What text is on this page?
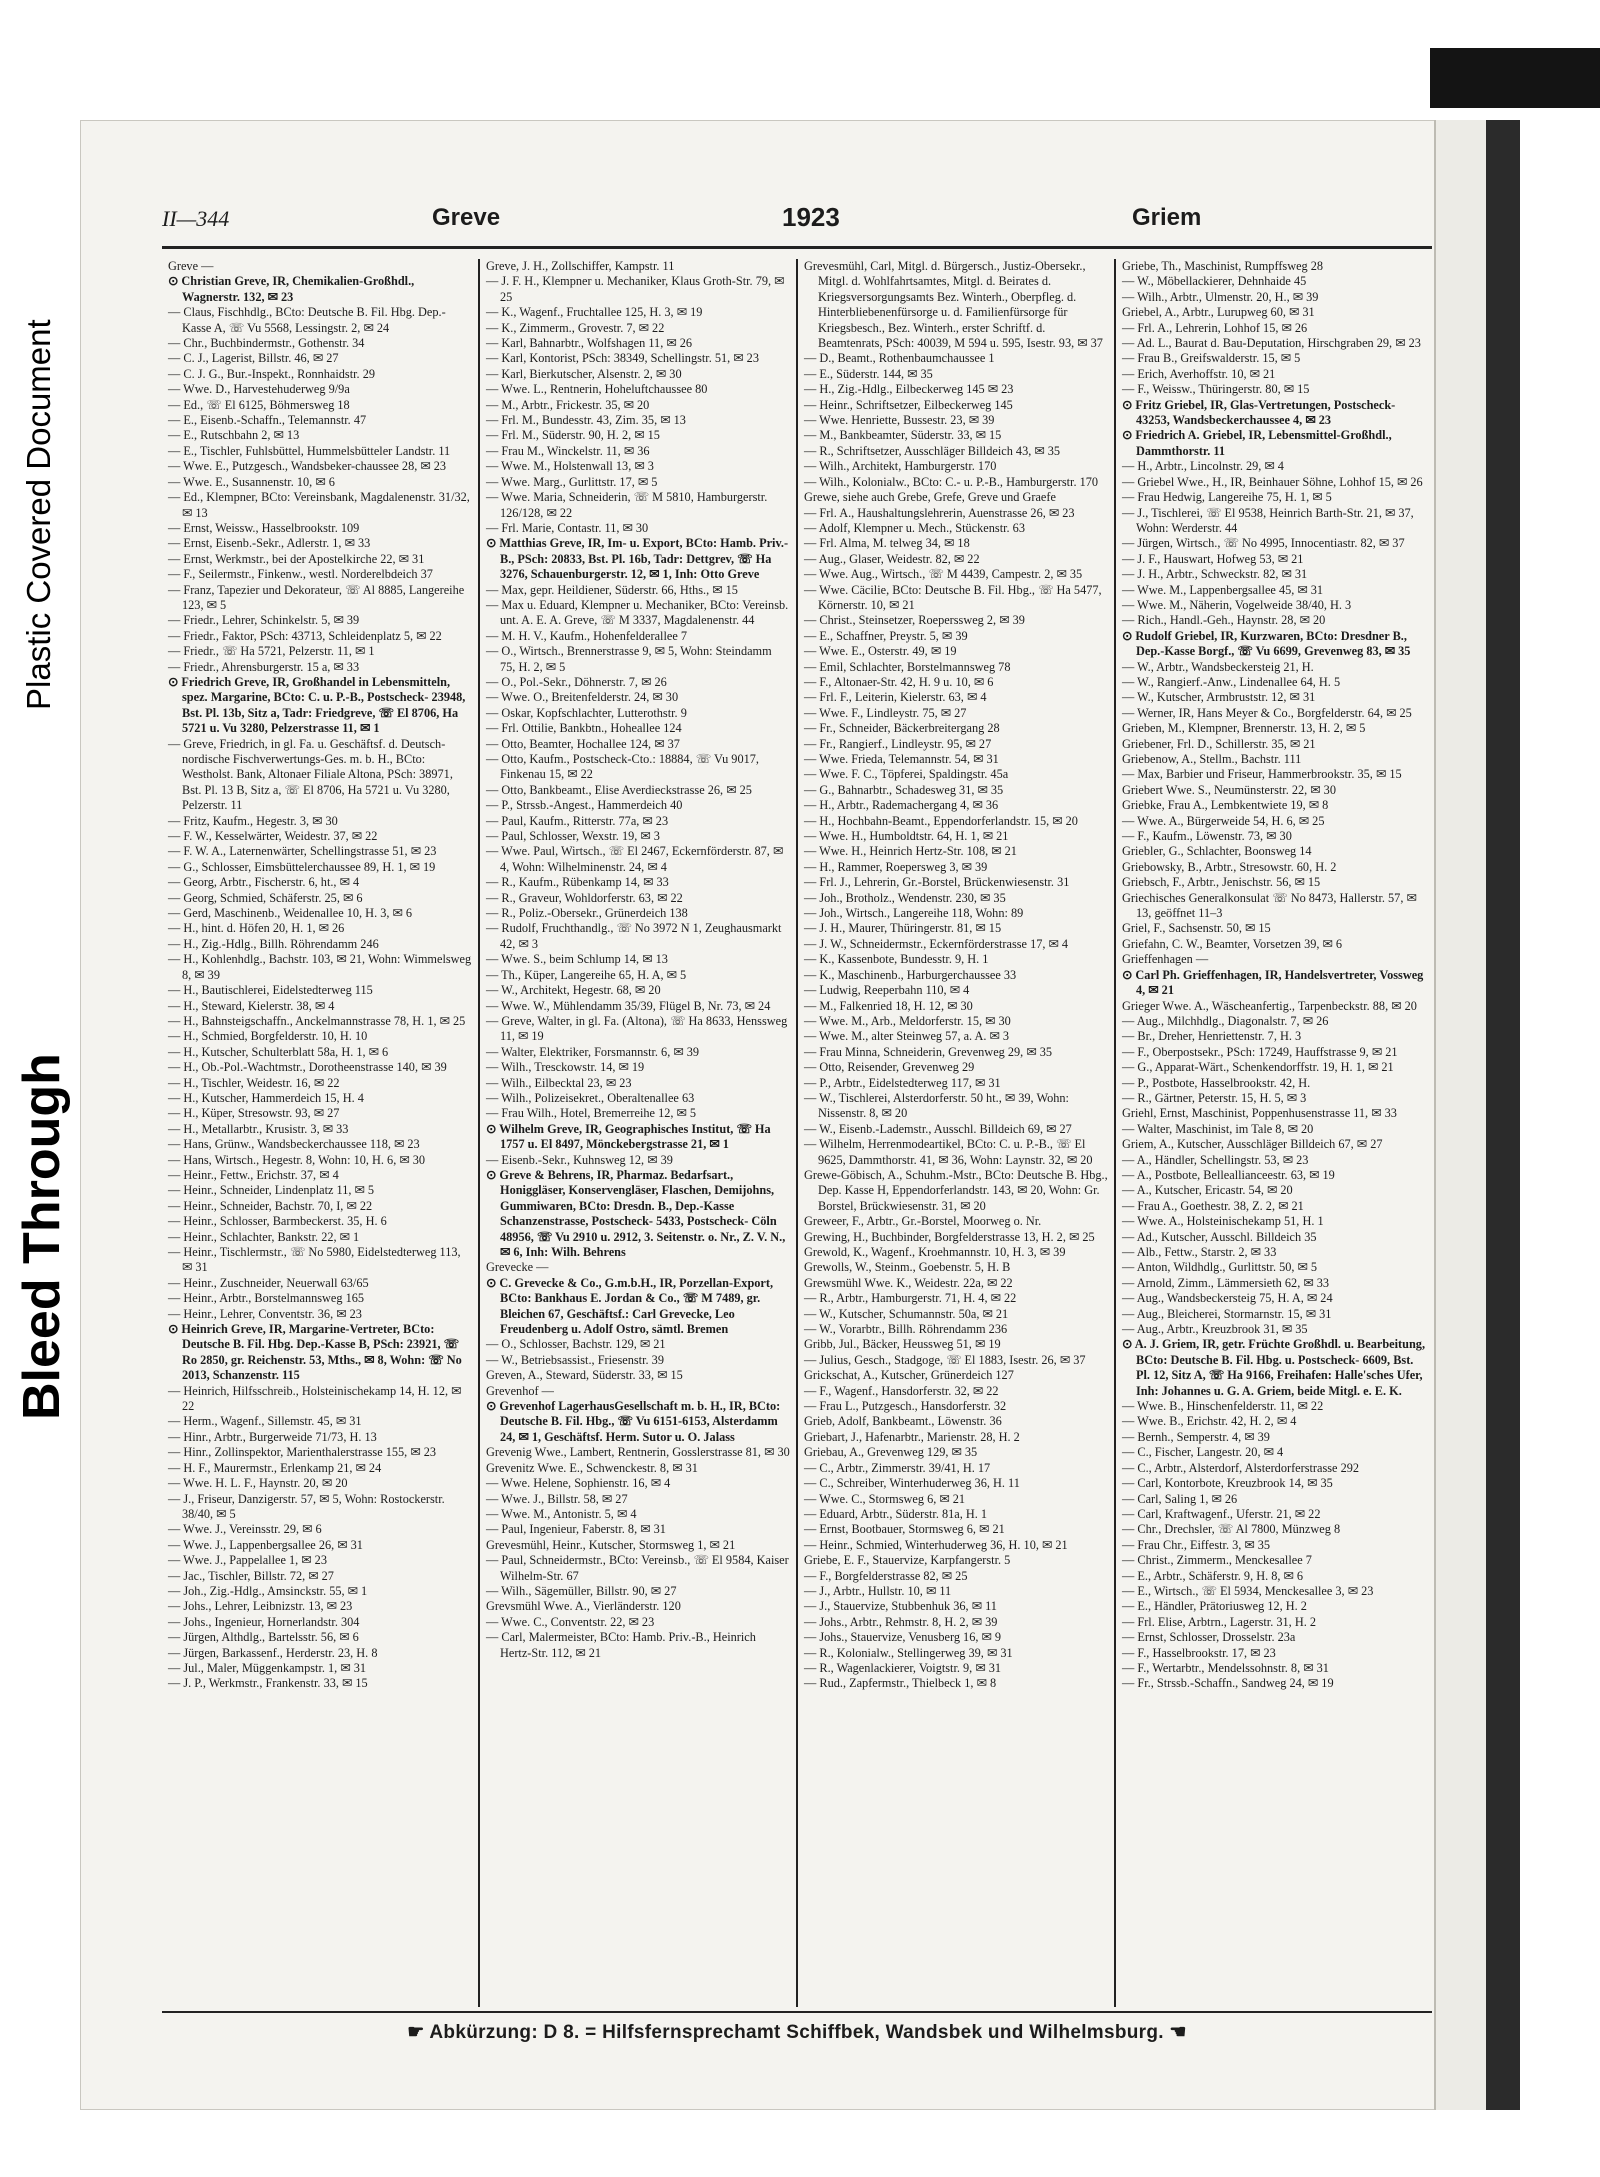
Plastic Covered Document
Bleed Through
II—344	Greve	1923	Griem

Greve —

⊙ Christian Greve, IR, Chemikalien-Großhdl., Wagnerstr. 132, ✉ 23

— Claus, Fischhdlg., BCto: Deutsche B. Fil. Hbg. Dep.-Kasse A, ☏ Vu 5568, Lessingstr. 2, ✉ 24

— Chr., Buchbindermstr., Gothenstr. 34

— C. J., Lagerist, Billstr. 46, ✉ 27

— C. J. G., Bur.-Inspekt., Ronnhaidstr. 29

— Wwe. D., Harvestehuderweg 9/9a

— Ed., ☏ El 6125, Böhmersweg 18

— E., Eisenb.-Schaffn., Telemannstr. 47

— E., Rutschbahn 2, ✉ 13

— E., Tischler, Fuhlsbüttel, Hummelsbütteler Landstr. 11

— Wwe. E., Putzgesch., Wandsbeker-chaussee 28, ✉ 23

— Wwe. E., Susannenstr. 10, ✉ 6

— Ed., Klempner, BCto: Vereinsbank, Magdalenenstr. 31/32, ✉ 13

— Ernst, Weissw., Hasselbrookstr. 109

— Ernst, Eisenb.-Sekr., Adlerstr. 1, ✉ 33

— Ernst, Werkmstr., bei der Apostelkirche 22, ✉ 31

— F., Seilermstr., Finkenw., westl. Norderelbdeich 37

— Franz, Tapezier und Dekorateur, ☏ Al 8885, Langereihe 123, ✉ 5

— Friedr., Lehrer, Schinkelstr. 5, ✉ 39

— Friedr., Faktor, PSch: 43713, Schleidenplatz 5, ✉ 22

— Friedr., ☏ Ha 5721, Pelzerstr. 11, ✉ 1

— Friedr., Ahrensburgerstr. 15 a, ✉ 33

⊙ Friedrich Greve, IR, Großhandel in Lebensmitteln, spez. Margarine, BCto: C. u. P.-B., Postscheck- 23948, Bst. Pl. 13b, Sitz a, Tadr: Friedgreve, ☏ El 8706, Ha 5721 u. Vu 3280, Pelzerstrasse 11, ✉ 1

— Greve, Friedrich, in gl. Fa. u. Geschäftsf. d. Deutsch-nordische Fischverwertungs-Ges. m. b. H., BCto: Westholst. Bank, Altonaer Filiale Altona, PSch: 38971, Bst. Pl. 13 B, Sitz a, ☏ El 8706, Ha 5721 u. Vu 3280, Pelzerstr. 11

— Fritz, Kaufm., Hegestr. 3, ✉ 30

— F. W., Kesselwärter, Weidestr. 37, ✉ 22

— F. W. A., Laternenwärter, Schellingstrasse 51, ✉ 23

— G., Schlosser, Eimsbüttelerchaussee 89, H. 1, ✉ 19

— Georg, Arbtr., Fischerstr. 6, ht., ✉ 4

— Georg, Schmied, Schäferstr. 25, ✉ 6

— Gerd, Maschinenb., Weidenallee 10, H. 3, ✉ 6

— H., hint. d. Höfen 20, H. 1, ✉ 26

— H., Zig.-Hdlg., Billh. Röhrendamm 246

— H., Kohlenhdlg., Bachstr. 103, ✉ 21, Wohn: Wimmelsweg 8, ✉ 39

— H., Bautischlerei, Eidelstedterweg 115

— H., Steward, Kielerstr. 38, ✉ 4

— H., Bahnsteigschaffn., Anckelmannstrasse 78, H. 1, ✉ 25

— H., Schmied, Borgfelderstr. 10, H. 10

— H., Kutscher, Schulterblatt 58a, H. 1, ✉ 6

— H., Ob.-Pol.-Wachtmstr., Dorotheenstrasse 140, ✉ 39

— H., Tischler, Weidestr. 16, ✉ 22

— H., Kutscher, Hammerdeich 15, H. 4

— H., Küper, Stresowstr. 93, ✉ 27

— H., Metallarbtr., Krusistr. 3, ✉ 33

— Hans, Grünw., Wandsbeckerchaussee 118, ✉ 23

— Hans, Wirtsch., Hegestr. 8, Wohn: 10, H. 6, ✉ 30

— Heinr., Fettw., Erichstr. 37, ✉ 4

— Heinr., Schneider, Lindenplatz 11, ✉ 5

— Heinr., Schneider, Bachstr. 70, I, ✉ 22

— Heinr., Schlosser, Barmbeckerst. 35, H. 6

— Heinr., Schlachter, Bankstr. 22, ✉ 1

— Heinr., Tischlermstr., ☏ No 5980, Eidelstedterweg 113, ✉ 31

— Heinr., Zuschneider, Neuerwall 63/65

— Heinr., Arbtr., Borstelmannsweg 165

— Heinr., Lehrer, Conventstr. 36, ✉ 23

⊙ Heinrich Greve, IR, Margarine-Vertreter, BCto: Deutsche B. Fil. Hbg. Dep.-Kasse B, PSch: 23921, ☏ Ro 2850, gr. Reichenstr. 53, Mths., ✉ 8, Wohn: ☏ No 2013, Schanzenstr. 115

— Heinrich, Hilfsschreib., Holsteinischekamp 14, H. 12, ✉ 22

— Herm., Wagenf., Sillemstr. 45, ✉ 31

— Hinr., Arbtr., Burgerweide 71/73, H. 13

— Hinr., Zollinspektor, Marienthalerstrasse 155, ✉ 23

— H. F., Maurermstr., Erlenkamp 21, ✉ 24

— Wwe. H. L. F., Haynstr. 20, ✉ 20

— J., Friseur, Danzigerstr. 57, ✉ 5, Wohn: Rostockerstr. 38/40, ✉ 5

— Wwe. J., Vereinsstr. 29, ✉ 6

— Wwe. J., Lappenbergsallee 26, ✉ 31

— Wwe. J., Pappelallee 1, ✉ 23

— Jac., Tischler, Billstr. 72, ✉ 27

— Joh., Zig.-Hdlg., Amsinckstr. 55, ✉ 1

— Johs., Lehrer, Leibnizstr. 13, ✉ 23

— Johs., Ingenieur, Hornerlandstr. 304

— Jürgen, Althdlg., Bartelsstr. 56, ✉ 6

— Jürgen, Barkassenf., Herderstr. 23, H. 8

— Jul., Maler, Müggenkampstr. 1, ✉ 31

— J. P., Werkmstr., Frankenstr. 33, ✉ 15

Greve, J. H., Zollschiffer, Kampstr. 11

— J. F. H., Klempner u. Mechaniker, Klaus Groth-Str. 79, ✉ 25

— K., Wagenf., Fruchtallee 125, H. 3, ✉ 19

— K., Zimmerm., Grovestr. 7, ✉ 22

— Karl, Bahnarbtr., Wolfshagen 11, ✉ 26

— Karl, Kontorist, PSch: 38349, Schellingstr. 51, ✉ 23

— Karl, Bierkutscher, Alsenstr. 2, ✉ 30

— Wwe. L., Rentnerin, Hoheluftchaussee 80

— M., Arbtr., Frickestr. 35, ✉ 20

— Frl. M., Bundesstr. 43, Zim. 35, ✉ 13

— Frl. M., Süderstr. 90, H. 2, ✉ 15

— Frau M., Winckelstr. 11, ✉ 36

— Wwe. M., Holstenwall 13, ✉ 3

— Wwe. Marg., Gurlittstr. 17, ✉ 5

— Wwe. Maria, Schneiderin, ☏ M 5810, Hamburgerstr. 126/128, ✉ 22

— Frl. Marie, Contastr. 11, ✉ 30

⊙ Matthias Greve, IR, Im- u. Export, BCto: Hamb. Priv.-B., PSch: 20833, Bst. Pl. 16b, Tadr: Dettgrev, ☏ Ha 3276, Schauenburgerstr. 12, ✉ 1, Inh: Otto Greve

— Max, gepr. Heildiener, Süderstr. 66, Hths., ✉ 15

— Max u. Eduard, Klempner u. Mechaniker, BCto: Vereinsb. unt. A. E. A. Greve, ☏ M 3337, Magdalenenstr. 44

— M. H. V., Kaufm., Hohenfelderallee 7

— O., Wirtsch., Brennerstrasse 9, ✉ 5, Wohn: Steindamm 75, H. 2, ✉ 5

— O., Pol.-Sekr., Döhnerstr. 7, ✉ 26

— Wwe. O., Breitenfelderstr. 24, ✉ 30

— Oskar, Kopfschlachter, Lutterothstr. 9

— Frl. Ottilie, Bankbtn., Hoheallee 124

— Otto, Beamter, Hochallee 124, ✉ 37

— Otto, Kaufm., Postscheck-Cto.: 18884, ☏ Vu 9017, Finkenau 15, ✉ 22

— Otto, Bankbeamt., Elise Averdieckstrasse 26, ✉ 25

— P., Strssb.-Angest., Hammerdeich 40

— Paul, Kaufm., Ritterstr. 77a, ✉ 23

— Paul, Schlosser, Wexstr. 19, ✉ 3

— Wwe. Paul, Wirtsch., ☏ El 2467, Eckernförderstr. 87, ✉ 4, Wohn: Wilhelminenstr. 24, ✉ 4

— R., Kaufm., Rübenkamp 14, ✉ 33

— R., Graveur, Wohldorferstr. 63, ✉ 22

— R., Poliz.-Obersekr., Grünerdeich 138

— Rudolf, Fruchthandlg., ☏ No 3972 N 1, Zeughausmarkt 42, ✉ 3

— Wwe. S., beim Schlump 14, ✉ 13

— Th., Küper, Langereihe 65, H. A, ✉ 5

— W., Architekt, Hegestr. 68, ✉ 20

— Wwe. W., Mühlendamm 35/39, Flügel B, Nr. 73, ✉ 24

— Greve, Walter, in gl. Fa. (Altona), ☏ Ha 8633, Henssweg 11, ✉ 19

— Walter, Elektriker, Forsmannstr. 6, ✉ 39

— Wilh., Tresckowstr. 14, ✉ 19

— Wilh., Eilbecktal 23, ✉ 23

— Wilh., Polizeisekret., Oberaltenallee 63

— Frau Wilh., Hotel, Bremerreihe 12, ✉ 5

⊙ Wilhelm Greve, IR, Geographisches Institut, ☏ Ha 1757 u. El 8497, Mönckebergstrasse 21, ✉ 1

— Eisenb.-Sekr., Kuhnsweg 12, ✉ 39

⊙ Greve & Behrens, IR, Pharmaz. Bedarfsart., Honiggläser, Konservengläser, Flaschen, Demijohns, Gummiwaren, BCto: Dresdn. B., Dep.-Kasse Schanzenstrasse, Postscheck- 5433, Postscheck- Cöln 48956, ☏ Vu 2910 u. 2912, 3. Seitenstr. o. Nr., Z. V. N., ✉ 6, Inh: Wilh. Behrens

Grevecke —

⊙ C. Grevecke & Co., G.m.b.H., IR, Porzellan-Export, BCto: Bankhaus E. Jordan & Co., ☏ M 7489, gr. Bleichen 67, Geschäftsf.: Carl Grevecke, Leo Freudenberg u. Adolf Ostro, sämtl. Bremen

— O., Schlosser, Bachstr. 129, ✉ 21

— W., Betriebsassist., Friesenstr. 39

Greven, A., Steward, Süderstr. 33, ✉ 15

Grevenhof —

⊙ Grevenhof LagerhausGesellschaft m. b. H., IR, BCto: Deutsche B. Fil. Hbg., ☏ Vu 6151-6153, Alsterdamm 24, ✉ 1, Geschäftsf. Herm. Sutor u. O. Jalass

Grevenig Wwe., Lambert, Rentnerin, Gosslerstrasse 81, ✉ 30

Grevenitz Wwe. E., Schwenckestr. 8, ✉ 31

— Wwe. Helene, Sophienstr. 16, ✉ 4

— Wwe. J., Billstr. 58, ✉ 27

— Wwe. M., Antonistr. 5, ✉ 4

— Paul, Ingenieur, Faberstr. 8, ✉ 31

Grevesmühl, Heinr., Kutscher, Stormsweg 1, ✉ 21

— Paul, Schneidermstr., BCto: Vereinsb., ☏ El 9584, Kaiser Wilhelm-Str. 67

— Wilh., Sägemüller, Billstr. 90, ✉ 27

Grevsmühl Wwe. A., Vierländerstr. 120

— Wwe. C., Conventstr. 22, ✉ 23

— Carl, Malermeister, BCto: Hamb. Priv.-B., Heinrich Hertz-Str. 112, ✉ 21

Grevesmühl, Carl, Mitgl. d. Bürgersch., Justiz-Obersekr., Mitgl. d. Wohlfahrtsamtes, Mitgl. d. Beirates d. Kriegsversorgungsamts Bez. Winterh., Oberpfleg. d. Hinterbliebenenfürsorge u. d. Familienfürsorge für Kriegsbesch., Bez. Winterh., erster Schriftf. d. Beamtenrats, PSch: 40039, M 594 u. 595, Isestr. 93, ✉ 37

— D., Beamt., Rothenbaumchaussee 1

— E., Süderstr. 144, ✉ 35

— H., Zig.-Hdlg., Eilbeckerweg 145 ✉ 23

— Heinr., Schriftsetzer, Eilbeckerweg 145

— Wwe. Henriette, Bussestr. 23, ✉ 39

— M., Bankbeamter, Süderstr. 33, ✉ 15

— R., Schriftsetzer, Ausschläger Billdeich 43, ✉ 35

— Wilh., Architekt, Hamburgerstr. 170

— Wilh., Kolonialw., BCto: C.- u. P.-B., Hamburgerstr. 170

Grewe, siehe auch Grebe, Grefe, Greve und Graefe

— Frl. A., Haushaltungslehrerin, Auenstrasse 26, ✉ 23

— Adolf, Klempner u. Mech., Stückenstr. 63

— Frl. Alma, M. telweg 34, ✉ 18

— Aug., Glaser, Weidestr. 82, ✉ 22

— Wwe. Aug., Wirtsch., ☏ M 4439, Campestr. 2, ✉ 35

— Wwe. Cäcilie, BCto: Deutsche B. Fil. Hbg., ☏ Ha 5477, Körnerstr. 10, ✉ 21

— Christ., Steinsetzer, Roeperssweg 2, ✉ 39

— E., Schaffner, Preystr. 5, ✉ 39

— Wwe. E., Osterstr. 49, ✉ 19

— Emil, Schlachter, Borstelmannsweg 78

— F., Altonaer-Str. 42, H. 9 u. 10, ✉ 6

— Frl. F., Leiterin, Kielerstr. 63, ✉ 4

— Wwe. F., Lindleystr. 75, ✉ 27

— Fr., Schneider, Bäckerbreitergang 28

— Fr., Rangierf., Lindleystr. 95, ✉ 27

— Wwe. Frieda, Telemannstr. 54, ✉ 31

— Wwe. F. C., Töpferei, Spaldingstr. 45a

— G., Bahnarbtr., Schadesweg 31, ✉ 35

— H., Arbtr., Rademachergang 4, ✉ 36

— H., Hochbahn-Beamt., Eppendorferlandstr. 15, ✉ 20

— Wwe. H., Humboldtstr. 64, H. 1, ✉ 21

— Wwe. H., Heinrich Hertz-Str. 108, ✉ 21

— H., Rammer, Roepersweg 3, ✉ 39

— Frl. J., Lehrerin, Gr.-Borstel, Brückenwiesenstr. 31

— Joh., Brotholz., Wendenstr. 230, ✉ 35

— Joh., Wirtsch., Langereihe 118, Wohn: 89

— J. H., Maurer, Thüringerstr. 81, ✉ 15

— J. W., Schneidermstr., Eckernförderstrasse 17, ✉ 4

— K., Kassenbote, Bundesstr. 9, H. 1

— K., Maschinenb., Harburgerchaussee 33

— Ludwig, Reeperbahn 110, ✉ 4

— M., Falkenried 18, H. 12, ✉ 30

— Wwe. M., Arb., Meldorferstr. 15, ✉ 30

— Wwe. M., alter Steinweg 57, a. A. ✉ 3

— Frau Minna, Schneiderin, Grevenweg 29, ✉ 35

— Otto, Reisender, Grevenweg 29

— P., Arbtr., Eidelstedterweg 117, ✉ 31

— W., Tischlerei, Alsterdorferstr. 50 ht., ✉ 39, Wohn: Nissenstr. 8, ✉ 20

— W., Eisenb.-Lademstr., Ausschl. Billdeich 69, ✉ 27

— Wilhelm, Herrenmodeartikel, BCto: C. u. P.-B., ☏ El 9625, Dammthorstr. 41, ✉ 36, Wohn: Laynstr. 32, ✉ 20

Grewe-Göbisch, A., Schuhm.-Mstr., BCto: Deutsche B. Hbg., Dep. Kasse H, Eppendorferlandstr. 143, ✉ 20, Wohn: Gr. Borstel, Brückwiesenstr. 31, ✉ 20

Greweer, F., Arbtr., Gr.-Borstel, Moorweg o. Nr.

Grewing, H., Buchbinder, Borgfelderstrasse 13, H. 2, ✉ 25

Grewold, K., Wagenf., Kroehmannstr. 10, H. 3, ✉ 39

Grewolls, W., Steinm., Goebenstr. 5, H. B

Grewsmühl Wwe. K., Weidestr. 22a, ✉ 22

— R., Arbtr., Hamburgerstr. 71, H. 4, ✉ 22

— W., Kutscher, Schumannstr. 50a, ✉ 21

— W., Vorarbtr., Billh. Röhrendamm 236

Gribb, Jul., Bäcker, Heussweg 51, ✉ 19

— Julius, Gesch., Stadgoge, ☏ El 1883, Isestr. 26, ✉ 37

Grickschat, A., Kutscher, Grünerdeich 127

— F., Wagenf., Hansdorferstr. 32, ✉ 22

— Frau L., Putzgesch., Hansdorferstr. 32

Grieb, Adolf, Bankbeamt., Löwenstr. 36

Griebart, J., Hafenarbtr., Marienstr. 28, H. 2

Griebau, A., Grevenweg 129, ✉ 35

— C., Arbtr., Zimmerstr. 39/41, H. 17

— C., Schreiber, Winterhuderweg 36, H. 11

— Wwe. C., Stormsweg 6, ✉ 21

— Eduard, Arbtr., Süderstr. 81a, H. 1

— Ernst, Bootbauer, Stormsweg 6, ✉ 21

— Heinr., Schmied, Winterhuderweg 36, H. 10, ✉ 21

Griebe, E. F., Stauervize, Karpfangerstr. 5

— F., Borgfelderstrasse 82, ✉ 25

— J., Arbtr., Hullstr. 10, ✉ 11

— J., Stauervize, Stubbenhuk 36, ✉ 11

— Johs., Arbtr., Rehmstr. 8, H. 2, ✉ 39

— Johs., Stauervize, Venusberg 16, ✉ 9

— R., Kolonialw., Stellingerweg 39, ✉ 31

— R., Wagenlackierer, Voigtstr. 9, ✉ 31

— Rud., Zapfermstr., Thielbeck 1, ✉ 8

Griebe, Th., Maschinist, Rumpffsweg 28

— W., Möbellackierer, Dehnhaide 45

— Wilh., Arbtr., Ulmenstr. 20, H., ✉ 39

Griebel, A., Arbtr., Lurupweg 60, ✉ 31

— Frl. A., Lehrerin, Lohhof 15, ✉ 26

— Ad. L., Baurat d. Bau-Deputation, Hirschgraben 29, ✉ 23

— Frau B., Greifswalderstr. 15, ✉ 5

— Erich, Averhoffstr. 10, ✉ 21

— F., Weissw., Thüringerstr. 80, ✉ 15

⊙ Fritz Griebel, IR, Glas-Vertretungen, Postscheck- 43253, Wandsbeckerchaussee 4, ✉ 23

⊙ Friedrich A. Griebel, IR, Lebensmittel-Großhdl., Dammthorstr. 11

— H., Arbtr., Lincolnstr. 29, ✉ 4

— Griebel Wwe., H., IR, Beinhauer Söhne, Lohhof 15, ✉ 26

— Frau Hedwig, Langereihe 75, H. 1, ✉ 5

— J., Tischlerei, ☏ El 9538, Heinrich Barth-Str. 21, ✉ 37, Wohn: Werderstr. 44

— Jürgen, Wirtsch., ☏ No 4995, Innocentiastr. 82, ✉ 37

— J. F., Hauswart, Hofweg 53, ✉ 21

— J. H., Arbtr., Schweckstr. 82, ✉ 31

— Wwe. M., Lappenbergsallee 45, ✉ 31

— Wwe. M., Näherin, Vogelweide 38/40, H. 3

— Rich., Handl.-Geh., Haynstr. 28, ✉ 20

⊙ Rudolf Griebel, IR, Kurzwaren, BCto: Dresdner B., Dep.-Kasse Borgf., ☏ Vu 6699, Grevenweg 83, ✉ 35

— W., Arbtr., Wandsbeckersteig 21, H.

— W., Rangierf.-Anw., Lindenallee 64, H. 5

— W., Kutscher, Armbruststr. 12, ✉ 31

— Werner, IR, Hans Meyer & Co., Borgfelderstr. 64, ✉ 25

Grieben, M., Klempner, Brennerstr. 13, H. 2, ✉ 5

Griebener, Frl. D., Schillerstr. 35, ✉ 21

Griebenow, A., Stellm., Bachstr. 111

— Max, Barbier und Friseur, Hammerbrookstr. 35, ✉ 15

Griebert Wwe. S., Neumünsterstr. 22, ✉ 30

Griebke, Frau A., Lembkentwiete 19, ✉ 8

— Wwe. A., Bürgerweide 54, H. 6, ✉ 25

— F., Kaufm., Löwenstr. 73, ✉ 30

Griebler, G., Schlachter, Boonsweg 14

Griebowsky, B., Arbtr., Stresowstr. 60, H. 2

Griebsch, F., Arbtr., Jenischstr. 56, ✉ 15

Griechisches Generalkonsulat ☏ No 8473, Hallerstr. 57, ✉ 13, geöffnet 11–3

Griel, F., Sachsenstr. 50, ✉ 15

Griefahn, C. W., Beamter, Vorsetzen 39, ✉ 6

Grieffenhagen —

⊙ Carl Ph. Grieffenhagen, IR, Handelsvertreter, Vossweg 4, ✉ 21

Grieger Wwe. A., Wäscheanfertig., Tarpenbeckstr. 88, ✉ 20

— Aug., Milchhdlg., Diagonalstr. 7, ✉ 26

— Br., Dreher, Henriettenstr. 7, H. 3

— F., Oberpostsekr., PSch: 17249, Hauffstrasse 9, ✉ 21

— G., Apparat-Wärt., Schenkendorffstr. 19, H. 1, ✉ 21

— P., Postbote, Hasselbrookstr. 42, H.

— R., Gärtner, Peterstr. 15, H. 5, ✉ 3

Griehl, Ernst, Maschinist, Poppenhusenstrasse 11, ✉ 33

— Walter, Maschinist, im Tale 8, ✉ 20

Griem, A., Kutscher, Ausschläger Billdeich 67, ✉ 27

— A., Händler, Schellingstr. 53, ✉ 23

— A., Postbote, Belleallianceestr. 63, ✉ 19

— A., Kutscher, Ericastr. 54, ✉ 20

— Frau A., Goethestr. 38, Z. 2, ✉ 21

— Wwe. A., Holsteinischekamp 51, H. 1

— Ad., Kutscher, Ausschl. Billdeich 35

— Alb., Fettw., Starstr. 2, ✉ 33

— Anton, Wildhdlg., Gurlittstr. 50, ✉ 5

— Arnold, Zimm., Lämmersieth 62, ✉ 33

— Aug., Wandsbeckersteig 75, H. A, ✉ 24

— Aug., Bleicherei, Stormarnstr. 15, ✉ 31

— Aug., Arbtr., Kreuzbrook 31, ✉ 35

⊙ A. J. Griem, IR, getr. Früchte Großhdl. u. Bearbeitung, BCto: Deutsche B. Fil. Hbg. u. Postscheck- 6609, Bst. Pl. 12, Sitz A, ☏ Ha 9166, Freihafen: Halle'sches Ufer, Inh: Johannes u. G. A. Griem, beide Mitgl. e. E. K.

— Wwe. B., Hinschenfelderstr. 11, ✉ 22

— Wwe. B., Erichstr. 42, H. 2, ✉ 4

— Bernh., Semperstr. 4, ✉ 39

— C., Fischer, Langestr. 20, ✉ 4

— C., Arbtr., Alsterdorf, Alsterdorferstrasse 292

— Carl, Kontorbote, Kreuzbrook 14, ✉ 35

— Carl, Saling 1, ✉ 26

— Carl, Kraftwagenf., Uferstr. 21, ✉ 22

— Chr., Drechsler, ☏ Al 7800, Münzweg 8

— Frau Chr., Eiffestr. 3, ✉ 35

— Christ., Zimmerm., Menckesallee 7

— E., Arbtr., Schäferstr. 9, H. 8, ✉ 6

— E., Wirtsch., ☏ El 5934, Menckesallee 3, ✉ 23

— E., Händler, Prätoriusweg 12, H. 2

— Frl. Elise, Arbtrn., Lagerstr. 31, H. 2

— Ernst, Schlosser, Drosselstr. 23a

— F., Hasselbrookstr. 17, ✉ 23

— F., Wertarbtr., Mendelssohnstr. 8, ✉ 31

— Fr., Strssb.-Schaffn., Sandweg 24, ✉ 19

☛ Abkürzung: D 8. = Hilfsfernsprechamt Schiffbek, Wandsbek und Wilhelmsburg. ☚
